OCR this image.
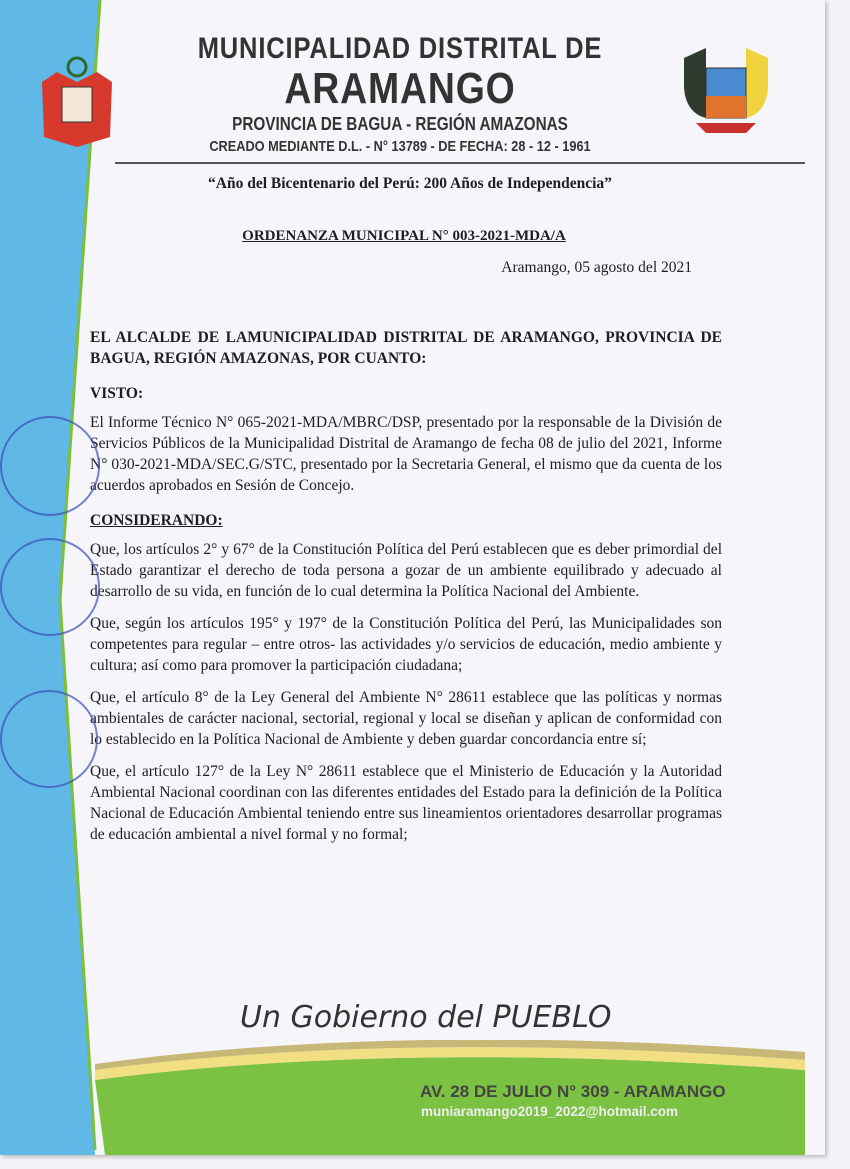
MUNICIPALIDAD DISTRITAL DE
ARAMANGO
PROVINCIA DE BAGUA - REGIÓN AMAZONAS
CREADO MEDIANTE D.L. - N° 13789 - DE FECHA: 28 - 12 - 1961
“Año del Bicentenario del Perú: 200 Años de Independencia”
ORDENANZA MUNICIPAL N° 003-2021-MDA/A
Aramango, 05 agosto del 2021
EL ALCALDE DE LAMUNICIPALIDAD DISTRITAL DE ARAMANGO, PROVINCIA DE BAGUA, REGIÓN AMAZONAS, POR CUANTO:
VISTO:
El Informe Técnico N° 065-2021-MDA/MBRC/DSP, presentado por la responsable de la División de Servicios Públicos de la Municipalidad Distrital de Aramango de fecha 08 de julio del 2021, Informe N° 030-2021-MDA/SEC.G/STC, presentado por la Secretaria General, el mismo que da cuenta de los acuerdos aprobados en Sesión de Concejo.
CONSIDERANDO:
Que, los artículos 2° y 67° de la Constitución Política del Perú establecen que es deber primordial del Estado garantizar el derecho de toda persona a gozar de un ambiente equilibrado y adecuado al desarrollo de su vida, en función de lo cual determina la Política Nacional del Ambiente.
Que, según los artículos 195° y 197° de la Constitución Política del Perú, las Municipalidades son competentes para regular – entre otros- las actividades y/o servicios de educación, medio ambiente y cultura; así como para promover la participación ciudadana;
Que, el artículo 8° de la Ley General del Ambiente N° 28611 establece que las políticas y normas ambientales de carácter nacional, sectorial, regional y local se diseñan y aplican de conformidad con lo establecido en la Política Nacional de Ambiente y deben guardar concordancia entre sí;
Que, el artículo 127° de la Ley N° 28611 establece que el Ministerio de Educación y la Autoridad Ambiental Nacional coordinan con las diferentes entidades del Estado para la definición de la Política Nacional de Educación Ambiental teniendo entre sus lineamientos orientadores desarrollar programas de educación ambiental a nivel formal y no formal;
Un Gobierno del PUEBLO
AV. 28 DE JULIO N° 309 - ARAMANGO
muniaramango2019_2022@hotmail.com
